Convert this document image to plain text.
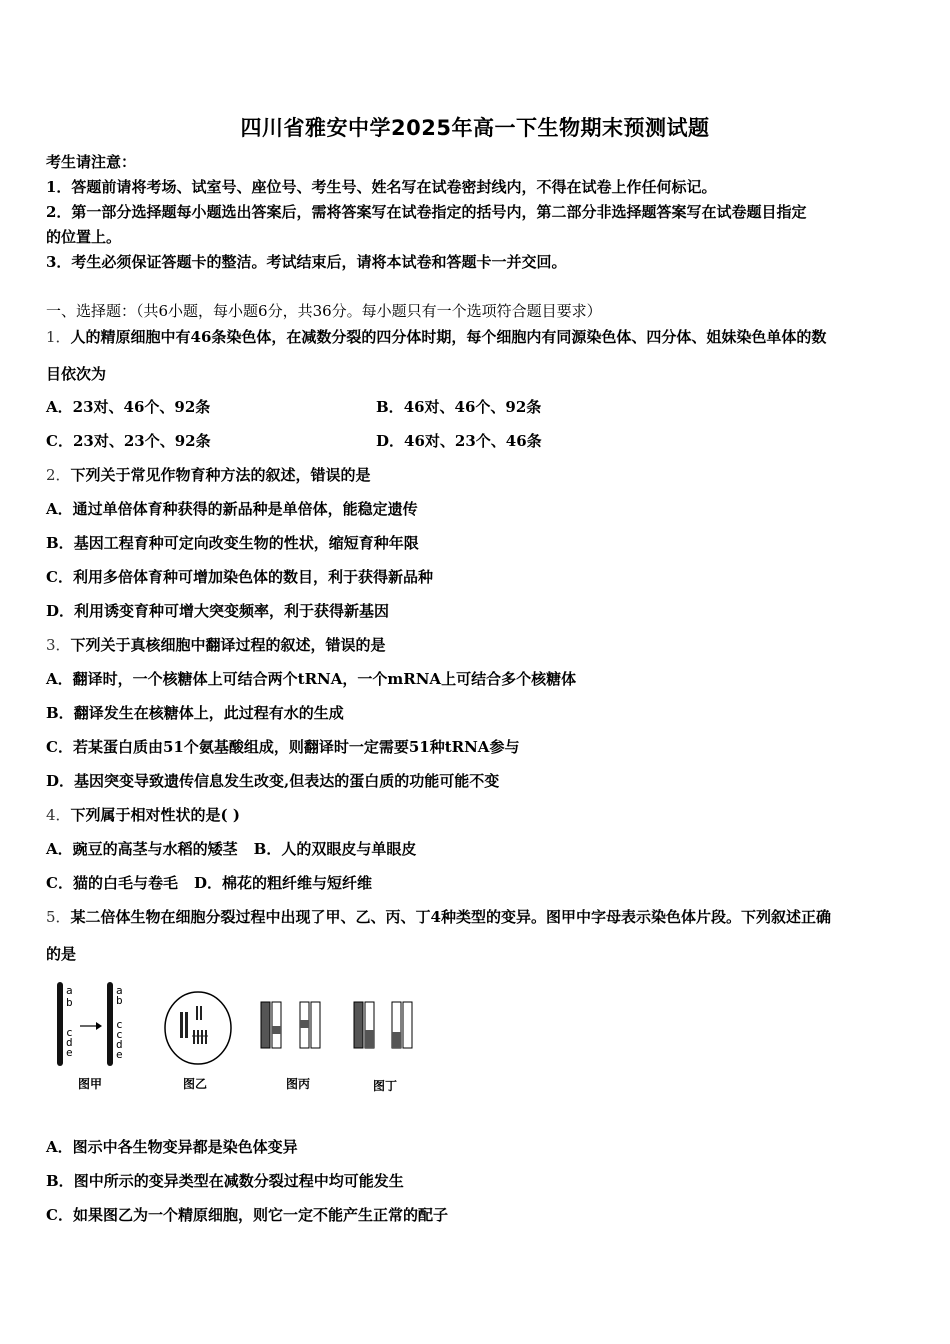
四川省雅安中学2025年高一下生物期末预测试题
考生请注意：
1．答题前请将考场、试室号、座位号、考生号、姓名写在试卷密封线内，不得在试卷上作任何标记。
2．第一部分选择题每小题选出答案后，需将答案写在试卷指定的括号内，第二部分非选择题答案写在试卷题目指定
的位置上。
3．考生必须保证答题卡的整洁。考试结束后，请将本试卷和答题卡一并交回。
一、选择题：（共6小题，每小题6分，共36分。每小题只有一个选项符合题目要求）
1．人的精原细胞中有46条染色体，在减数分裂的四分体时期，每个细胞内有同源染色体、四分体、姐妹染色单体的数
目依次为
A．23对、46个、92条	B．46对、46个、92条
C．23对、23个、92条	D．46对、23个、46条
2．下列关于常见作物育种方法的叙述，错误的是
A．通过单倍体育种获得的新品种是单倍体，能稳定遗传
B．基因工程育种可定向改变生物的性状，缩短育种年限
C．利用多倍体育种可增加染色体的数目，利于获得新品种
D．利用诱变育种可增大突变频率，利于获得新基因
3．下列关于真核细胞中翻译过程的叙述，错误的是
A．翻译时，一个核糖体上可结合两个tRNA，一个mRNA上可结合多个核糖体
B．翻译发生在核糖体上，此过程有水的生成
C．若某蛋白质由51个氨基酸组成，则翻译时一定需要51种tRNA参与
D．基因突变导致遗传信息发生改变,但表达的蛋白质的功能可能不变
4．下列属于相对性状的是( )
A．豌豆的高茎与水稻的矮茎 B．人的双眼皮与单眼皮
C．猫的白毛与卷毛 D．棉花的粗纤维与短纤维
5．某二倍体生物在细胞分裂过程中出现了甲、乙、丙、丁4种类型的变异。图甲中字母表示染色体片段。下列叙述正确
的是
a
b
c
d
e
a
b
c
c
d
e
图甲	图乙	图丙	图丁
A．图示中各生物变异都是染色体变异
B．图中所示的变异类型在减数分裂过程中均可能发生
C．如果图乙为一个精原细胞，则它一定不能产生正常的配子
